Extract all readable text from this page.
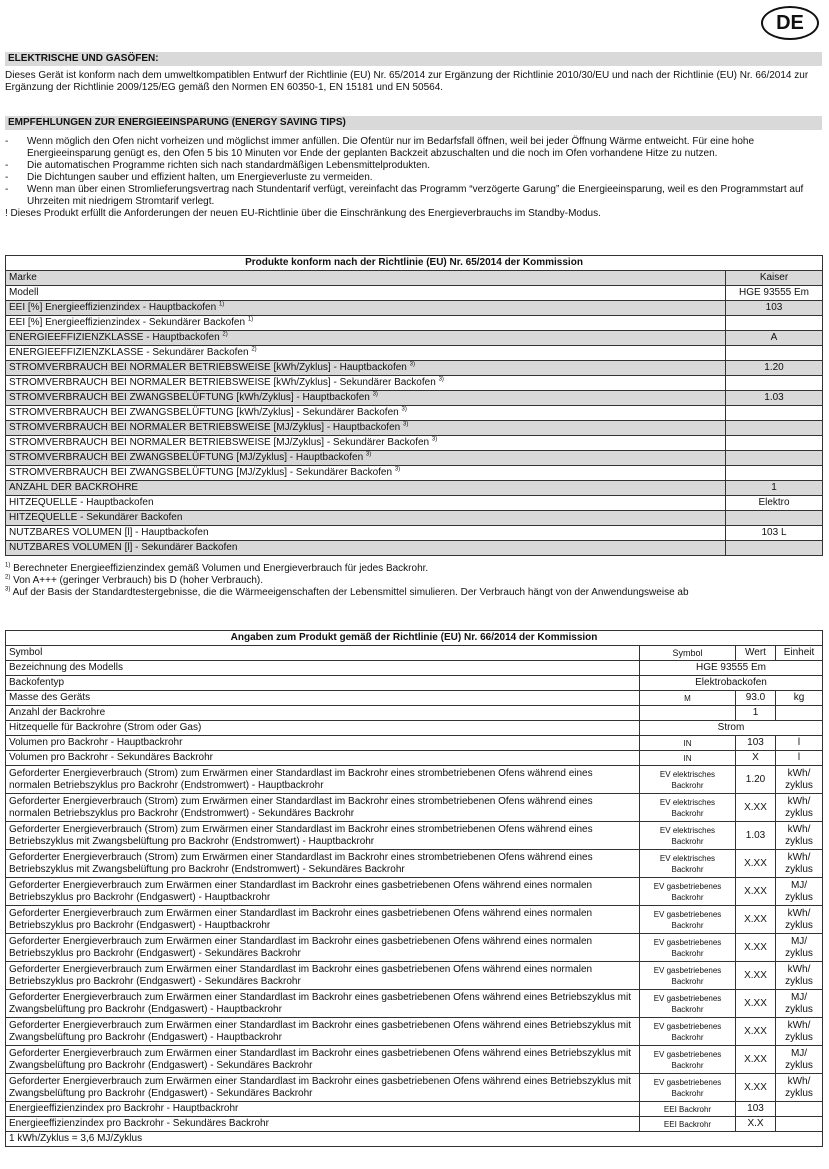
DE
ELEKTRISCHE UND GASÖFEN:
Dieses Gerät ist konform nach dem umweltkompatiblen Entwurf der Richtlinie (EU) Nr. 65/2014 zur Ergänzung der Richtlinie 2010/30/EU und nach der Richtlinie (EU) Nr. 66/2014 zur Ergänzung der Richtlinie 2009/125/EG gemäß den Normen EN 60350-1, EN 15181 und EN 50564.
EMPFEHLUNGEN ZUR ENERGIEEINSPARUNG (ENERGY SAVING TIPS)
-	Wenn möglich den Ofen nicht vorheizen und möglichst immer anfüllen. Die Ofentür nur im Bedarfsfall öffnen, weil bei jeder Öffnung Wärme entweicht. Für eine hohe Energieeinsparung genügt es, den Ofen 5 bis 10 Minuten vor Ende der geplanten Backzeit abzuschalten und die noch im Ofen vorhandene Hitze zu nutzen.
-	Die automatischen Programme richten sich nach standardmäßigen Lebensmittelprodukten.
-	Die Dichtungen sauber und effizient halten, um Energieverluste zu vermeiden.
-	Wenn man über einen Stromlieferungsvertrag nach Stundentarif verfügt, vereinfacht das Programm “verzögerte Garung” die Energieeinsparung, weil es den Programmstart auf Uhrzeiten mit niedrigem Stromtarif verlegt.
! Dieses Produkt erfüllt die Anforderungen der neuen EU-Richtlinie über die Einschränkung des Energieverbrauchs im Standby-Modus.
Produkte konform nach der Richtlinie (EU) Nr. 65/2014 der Kommission	
Marke	Kaiser
Modell	HGE 93555 Em
EEI [%] Energieeffizienzindex - Hauptbackofen $^{1)}$	103
EEI [%] Energieeffizienzindex - Sekundärer Backofen $^{1)}$	
ENERGIEEFFIZIENZKLASSE - Hauptbackofen $^{2)}$	A
ENERGIEEFFIZIENZKLASSE - Sekundärer Backofen $^{2)}$	
STROMVERBRAUCH BEI NORMALER BETRIEBSWEISE [kWh/Zyklus] - Hauptbackofen $^{3)}$	1.20
STROMVERBRAUCH BEI NORMALER BETRIEBSWEISE [kWh/Zyklus] - Sekundärer Backofen $^{3)}$	
STROMVERBRAUCH BEI ZWANGSBELÜFTUNG [kWh/Zyklus] - Hauptbackofen $^{3)}$	1.03
STROMVERBRAUCH BEI ZWANGSBELÜFTUNG [kWh/Zyklus] - Sekundärer Backofen $^{3)}$	
STROMVERBRAUCH BEI NORMALER BETRIEBSWEISE [MJ/Zyklus] - Hauptbackofen $^{3)}$	
STROMVERBRAUCH BEI NORMALER BETRIEBSWEISE [MJ/Zyklus] - Sekundärer Backofen $^{3)}$	
STROMVERBRAUCH BEI ZWANGSBELÜFTUNG [MJ/Zyklus] - Hauptbackofen $^{3)}$	
STROMVERBRAUCH BEI ZWANGSBELÜFTUNG [MJ/Zyklus] - Sekundärer Backofen $^{3)}$	
ANZAHL DER BACKROHRE	1
HITZEQUELLE - Hauptbackofen	Elektro
HITZEQUELLE - Sekundärer Backofen	
NUTZBARES VOLUMEN [l] - Hauptbackofen	103 L
NUTZBARES VOLUMEN [l] - Sekundärer Backofen	
$^{1)}$ Berechneter Energieeffizienzindex gemäß Volumen und Energieverbrauch für jedes Backrohr.
$^{2)}$ Von A+++ (geringer Verbrauch) bis D (hoher Verbrauch).
$^{3)}$ Auf der Basis der Standardtestergebnisse, die die Wärmeeigenschaften der Lebensmittel simulieren. Der Verbrauch hängt von der Anwendungsweise ab
Angaben zum Produkt gemäß der Richtlinie (EU) Nr. 66/2014 der Kommission			
Symbol	Symbol	Wert	Einheit
Bezeichnung des Modells	HGE 93555 Em		
Backofentyp	Elektrobackofen		
Masse des Geräts	M	93.0	kg
Anzahl der Backrohre		1	
Hitzequelle für Backrohre (Strom oder Gas)	Strom		
Volumen pro Backrohr - Hauptbackrohr	IN	103	l
Volumen pro Backrohr - Sekundäres Backrohr	IN	X	l
Geforderter Energieverbrauch (Strom) zum Erwärmen einer Standardlast im Backrohr eines strombetriebenen Ofens während eines normalen Betriebszyklus pro Backrohr (Endstromwert) - Hauptbackrohr	EV elektrisches Backrohr	1.20	kWh/ zyklus
Geforderter Energieverbrauch (Strom) zum Erwärmen einer Standardlast im Backrohr eines strombetriebenen Ofens während eines normalen Betriebszyklus pro Backrohr (Endstromwert) - Sekundäres Backrohr	EV elektrisches Backrohr	X.XX	kWh/ zyklus
Geforderter Energieverbrauch (Strom) zum Erwärmen einer Standardlast im Backrohr eines strombetriebenen Ofens während eines Betriebszyklus mit Zwangsbelüftung pro Backrohr (Endstromwert) - Hauptbackrohr	EV elektrisches Backrohr	1.03	kWh/ zyklus
Geforderter Energieverbrauch (Strom) zum Erwärmen einer Standardlast im Backrohr eines strombetriebenen Ofens während eines Betriebszyklus mit Zwangsbelüftung pro Backrohr (Endstromwert) - Sekundäres Backrohr	EV elektrisches Backrohr	X.XX	kWh/ zyklus
Geforderter Energieverbrauch zum Erwärmen einer Standardlast im Backrohr eines gasbetriebenen Ofens während eines normalen Betriebszyklus pro Backrohr (Endgaswert) - Hauptbackrohr	EV gasbetriebenes Backrohr	X.XX	MJ/ zyklus
Geforderter Energieverbrauch zum Erwärmen einer Standardlast im Backrohr eines gasbetriebenen Ofens während eines normalen Betriebszyklus pro Backrohr (Endgaswert) - Hauptbackrohr	EV gasbetriebenes Backrohr	X.XX	kWh/ zyklus
Geforderter Energieverbrauch zum Erwärmen einer Standardlast im Backrohr eines gasbetriebenen Ofens während eines normalen Betriebszyklus pro Backrohr (Endgaswert) - Sekundäres Backrohr	EV gasbetriebenes Backrohr	X.XX	MJ/ zyklus
Geforderter Energieverbrauch zum Erwärmen einer Standardlast im Backrohr eines gasbetriebenen Ofens während eines normalen Betriebszyklus pro Backrohr (Endgaswert) - Sekundäres Backrohr	EV gasbetriebenes Backrohr	X.XX	kWh/ zyklus
Geforderter Energieverbrauch zum Erwärmen einer Standardlast im Backrohr eines gasbetriebenen Ofens während eines Betriebszyklus mit Zwangsbelüftung pro Backrohr (Endgaswert) - Hauptbackrohr	EV gasbetriebenes Backrohr	X.XX	MJ/ zyklus
Geforderter Energieverbrauch zum Erwärmen einer Standardlast im Backrohr eines gasbetriebenen Ofens während eines Betriebszyklus mit Zwangsbelüftung pro Backrohr (Endgaswert) - Hauptbackrohr	EV gasbetriebenes Backrohr	X.XX	kWh/ zyklus
Geforderter Energieverbrauch zum Erwärmen einer Standardlast im Backrohr eines gasbetriebenen Ofens während eines Betriebszyklus mit Zwangsbelüftung pro Backrohr (Endgaswert) - Sekundäres Backrohr	EV gasbetriebenes Backrohr	X.XX	MJ/ zyklus
Geforderter Energieverbrauch zum Erwärmen einer Standardlast im Backrohr eines gasbetriebenen Ofens während eines Betriebszyklus mit Zwangsbelüftung pro Backrohr (Endgaswert) - Sekundäres Backrohr	EV gasbetriebenes Backrohr	X.XX	kWh/ zyklus
Energieeffizienzindex pro Backrohr - Hauptbackrohr	EEI Backrohr	103	
Energieeffizienzindex pro Backrohr - Sekundäres Backrohr	EEI Backrohr	X.X	
1 kWh/Zyklus = 3,6 MJ/Zyklus			
